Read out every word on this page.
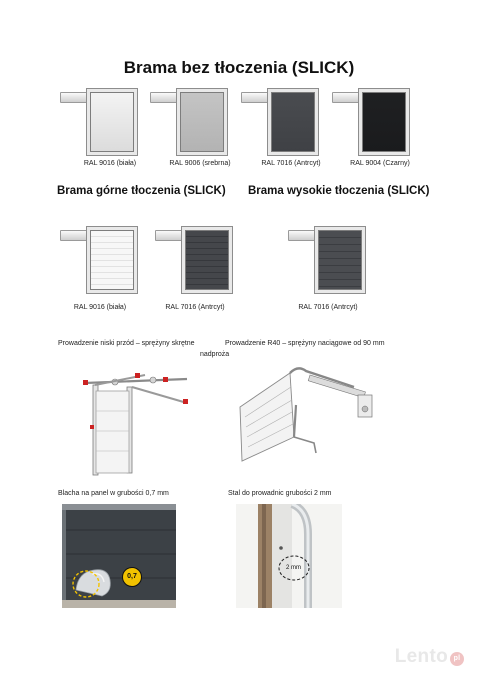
Brama bez tłoczenia (SLICK)
RAL 9016 (biała)	RAL 9006 (srebrna)	RAL 7016 (Antrcyt)	RAL 9004 (Czarny)
Brama górne tłoczenia (SLICK) Brama wysokie tłoczenia (SLICK)
RAL 9016 (biała)	RAL 7016 (Antrcyt)	RAL 7016 (Antrcyt)
Prowadzenie niski przód – sprężyny skrętne	Prowadzenie R40 – sprężyny naciągowe od 90 mm
nadproża
Blacha na panel w grubości 0,7 mm	Stal do prowadnic grubości 2 mm
0,7
2 mm
Lento pl
